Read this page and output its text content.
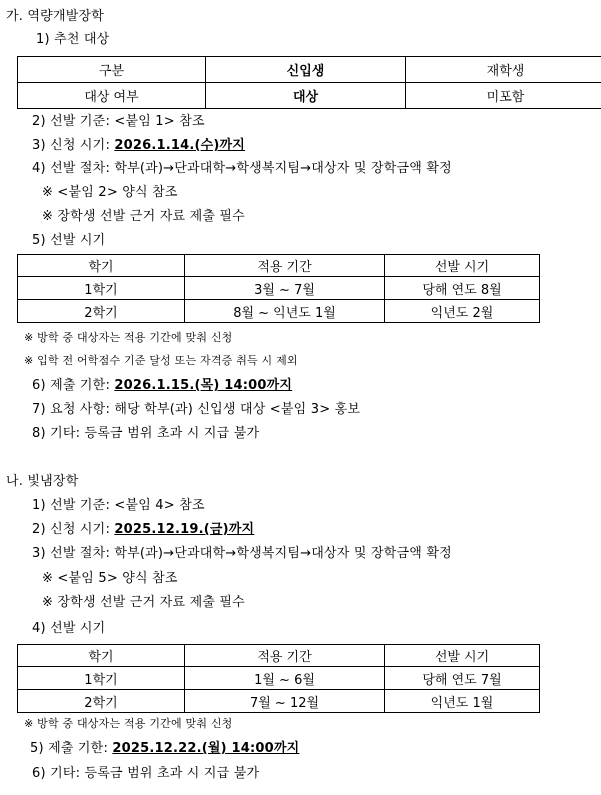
가. 역량개발장학
1) 추천 대상
구분	신입생	재학생
대상 여부	대상	미포함
2) 선발 기준: <붙임 1> 참조
3) 신청 시기: 2026.1.14.(수)까지
4) 선발 절차: 학부(과)→단과대학→학생복지팀→대상자 및 장학금액 확정
※ <붙임 2> 양식 참조
※ 장학생 선발 근거 자료 제출 필수
5) 선발 시기
학기	적용 기간	선발 시기
1학기	3월 ~ 7월	당해 연도 8월
2학기	8월 ~ 익년도 1월	익년도 2월
※ 방학 중 대상자는 적용 기간에 맞춰 신청
※ 입학 전 어학점수 기준 달성 또는 자격증 취득 시 제외
6) 제출 기한: 2026.1.15.(목) 14:00까지
7) 요청 사항: 해당 학부(과) 신입생 대상 <붙임 3> 홍보
8) 기타: 등록금 범위 초과 시 지급 불가
나. 빛냄장학
1) 선발 기준: <붙임 4> 참조
2) 신청 시기: 2025.12.19.(금)까지
3) 선발 절차: 학부(과)→단과대학→학생복지팀→대상자 및 장학금액 확정
※ <붙임 5> 양식 참조
※ 장학생 선발 근거 자료 제출 필수
4) 선발 시기
학기	적용 기간	선발 시기
1학기	1월 ~ 6월	당해 연도 7월
2학기	7월 ~ 12월	익년도 1월
※ 방학 중 대상자는 적용 기간에 맞춰 신청
5) 제출 기한: 2025.12.22.(월) 14:00까지
6) 기타: 등록금 범위 초과 시 지급 불가
